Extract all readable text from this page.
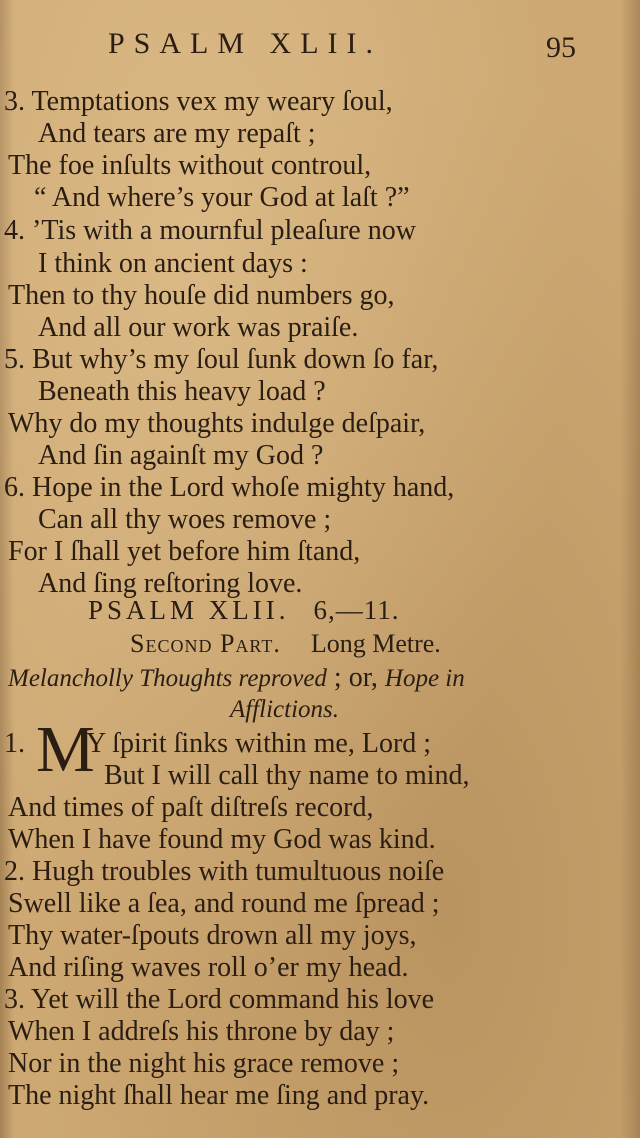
PSALM XLII.	95
3. Temptations vex my weary ſoul,
And tears are my repaſt ;
The foe inſults without controul,
“ And where’s your God at laſt ?”
4. ’Tis with a mournful pleaſure now
I think on ancient days :
Then to thy houſe did numbers go,
And all our work was praiſe.
5. But why’s my ſoul ſunk down ſo far,
Beneath this heavy load ?
Why do my thoughts indulge deſpair,
And ſin againſt my God ?
6. Hope in the Lord whoſe mighty hand,
Can all thy woes remove ;
For I ſhall yet before him ſtand,
And ſing reſtoring love.
PSALM XLII. 6,—11.
Second Part. Long Metre.
Melancholly Thoughts reproved ; or, Hope in
Afflictions.
1. M
Y ſpirit ſinks within me, Lord ;
But I will call thy name to mind,
And times of paſt diſtreſs record,
When I have found my God was kind.
2. Hugh troubles with tumultuous noiſe
Swell like a ſea, and round me ſpread ;
Thy water-ſpouts drown all my joys,
And riſing waves roll o’er my head.
3. Yet will the Lord command his love
When I addreſs his throne by day ;
Nor in the night his grace remove ;
The night ſhall hear me ſing and pray.
